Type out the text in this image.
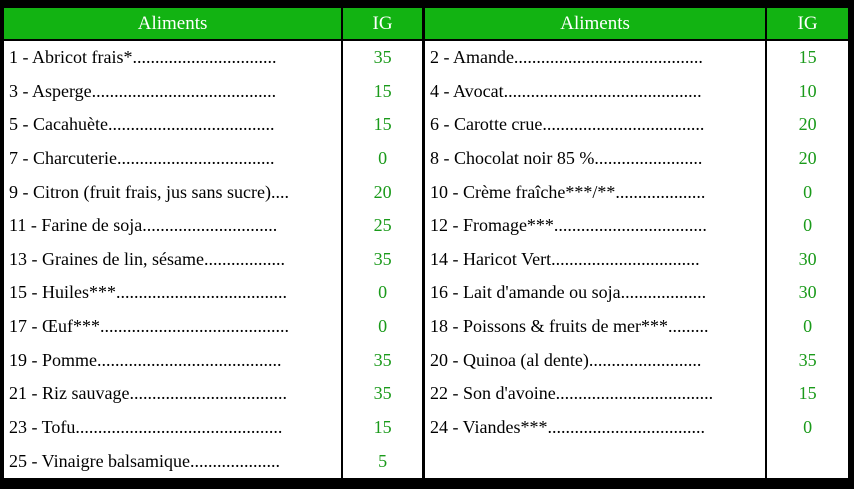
Aliments	IG		Aliments	IG
1 - Abricot frais*................................	35		2 - Amande..........................................	15
3 - Asperge.........................................	15		4 - Avocat............................................	10
5 - Cacahuète.....................................	15		6 - Carotte crue....................................	20
7 - Charcuterie...................................	0		8 - Chocolat noir 85 %........................	20
9 - Citron (fruit frais, jus sans sucre)....	20		10 - Crème fraîche***/**....................	0
11 - Farine de soja..............................	25		12 - Fromage***..................................	0
13 - Graines de lin, sésame..................	35		14 - Haricot Vert.................................	30
15 - Huiles***......................................	0		16 - Lait d'amande ou soja...................	30
17 - Œuf***..........................................	0		18 - Poissons & fruits de mer***.........	0
19 - Pomme.........................................	35		20 - Quinoa (al dente).........................	35
21 - Riz sauvage...................................	35		22 - Son d'avoine...................................	15
23 - Tofu..............................................	15		24 - Viandes***...................................	0
25 - Vinaigre balsamique....................	5			
